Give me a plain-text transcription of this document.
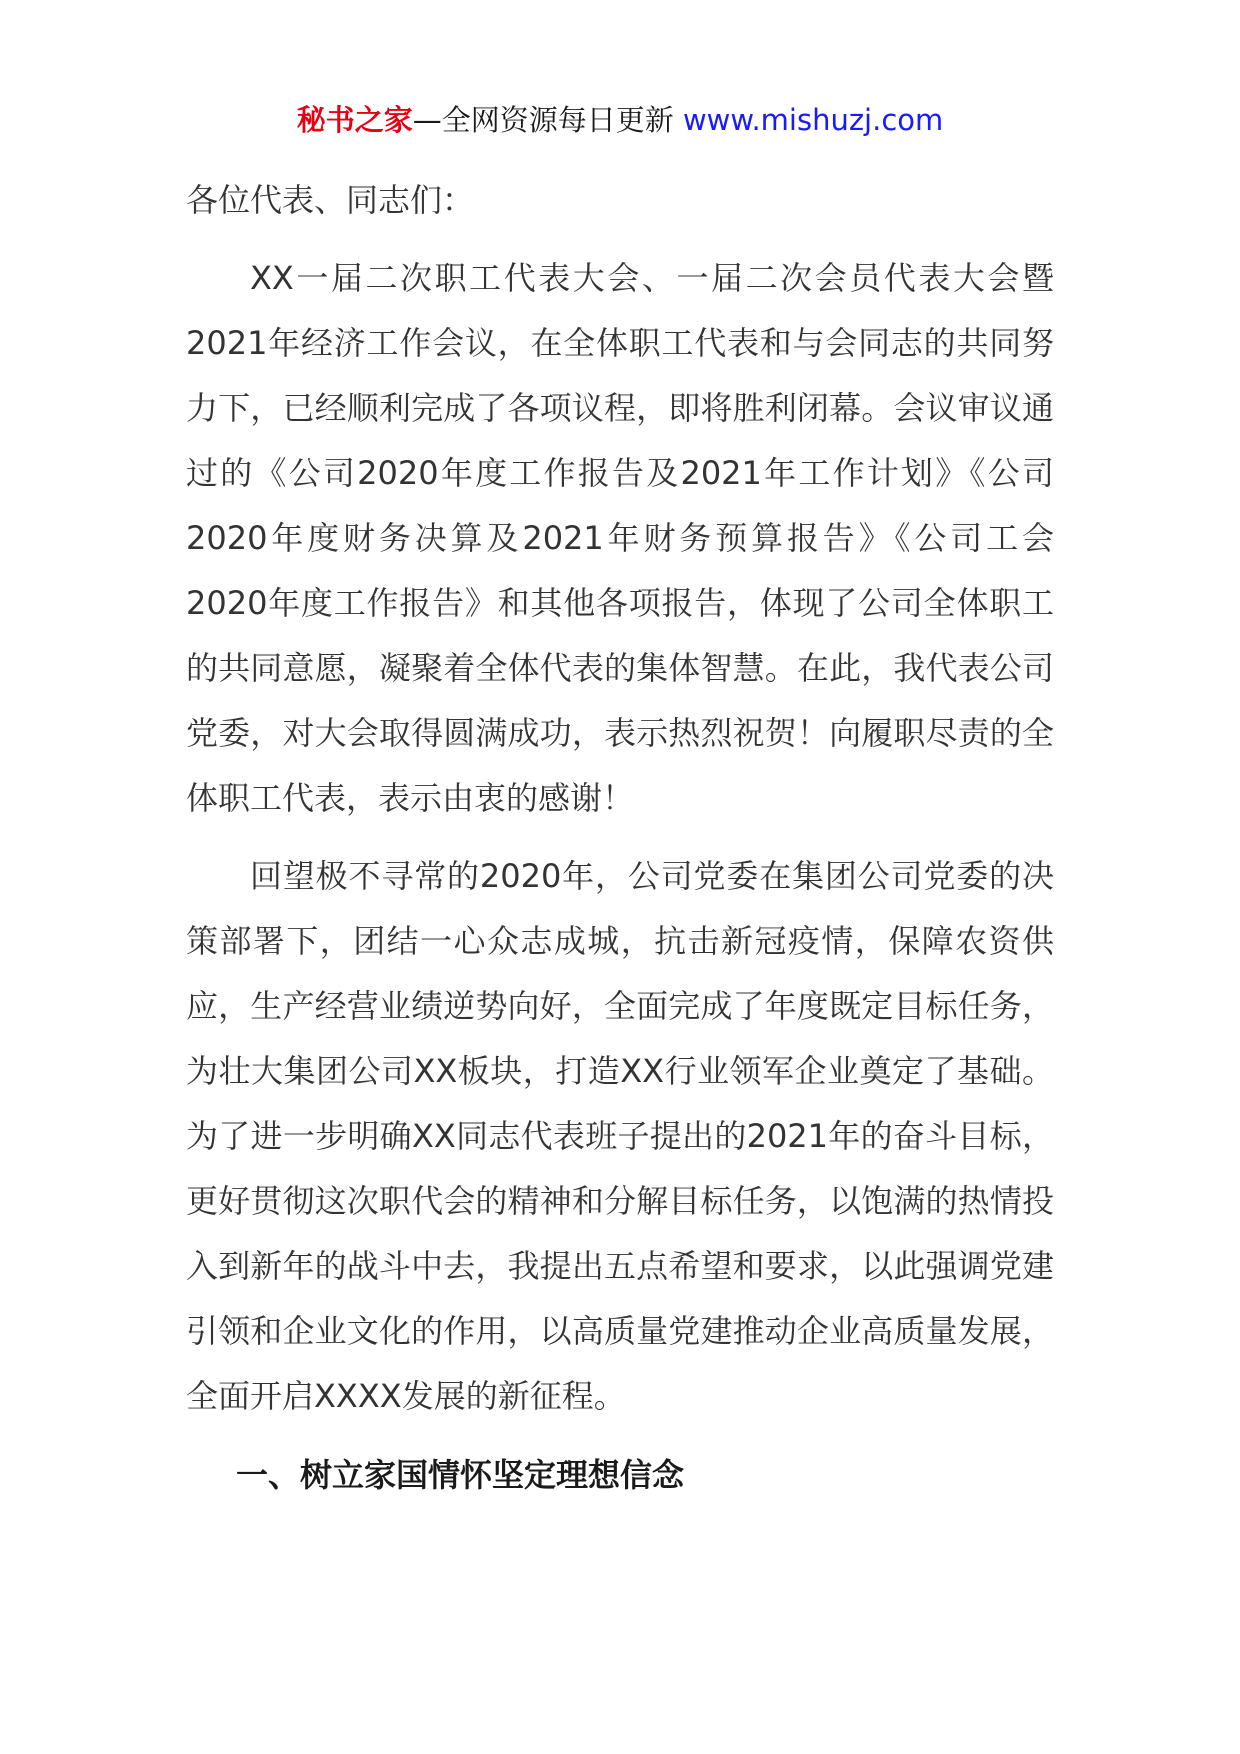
秘书之家—全网资源每日更新 www.mishuzj.com

各位代表、同志们：

XX一届二次职工代表大会、一届二次会员代表大会暨2021年经济工作会议，在全体职工代表和与会同志的共同努力下，已经顺利完成了各项议程，即将胜利闭幕。会议审议通过的《公司2020年度工作报告及2021年工作计划》《公司2020年度财务决算及2021年财务预算报告》《公司工会2020年度工作报告》和其他各项报告，体现了公司全体职工的共同意愿，凝聚着全体代表的集体智慧。在此，我代表公司党委，对大会取得圆满成功，表示热烈祝贺！向履职尽责的全体职工代表，表示由衷的感谢！

回望极不寻常的2020年，公司党委在集团公司党委的决策部署下，团结一心众志成城，抗击新冠疫情，保障农资供应，生产经营业绩逆势向好，全面完成了年度既定目标任务，为壮大集团公司XX板块，打造XX行业领军企业奠定了基础。为了进一步明确XX同志代表班子提出的2021年的奋斗目标，更好贯彻这次职代会的精神和分解目标任务，以饱满的热情投入到新年的战斗中去，我提出五点希望和要求，以此强调党建引领和企业文化的作用，以高质量党建推动企业高质量发展，全面开启XXXX发展的新征程。

一、树立家国情怀坚定理想信念
